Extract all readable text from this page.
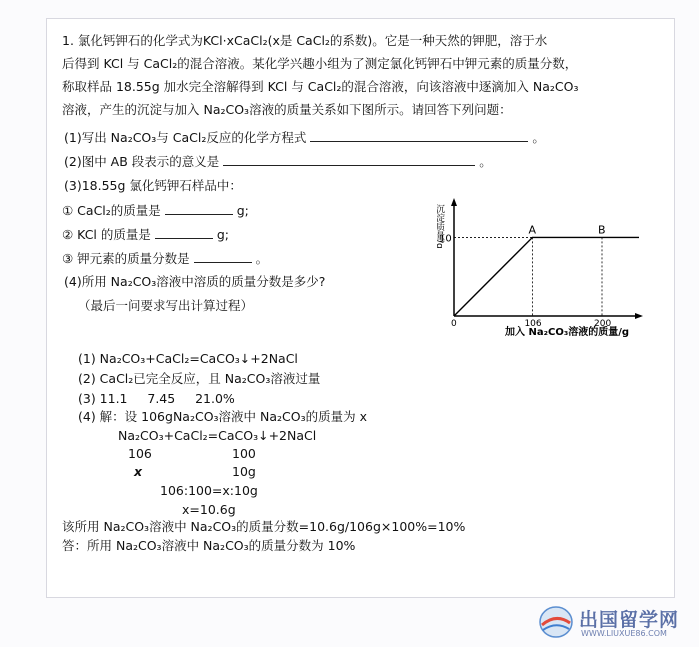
1. 氯化钙钾石的化学式为KCl·xCaCl₂(x是 CaCl₂的系数)。它是一种天然的钾肥，溶于水
后得到 KCl 与 CaCl₂的混合溶液。某化学兴趣小组为了测定氯化钙钾石中钾元素的质量分数，
称取样品 18.55g 加水完全溶解得到 KCl 与 CaCl₂的混合溶液，向该溶液中逐滴加入 Na₂CO₃
溶液，产生的沉淀与加入 Na₂CO₃溶液的质量关系如下图所示。请回答下列问题：
(1)写出 Na₂CO₃与 CaCl₂反应的化学方程式	。
(2)图中 AB 段表示的意义是	。
(3)18.55g 氯化钙钾石样品中：
① CaCl₂的质量是	g;
② KCl 的质量是	g;
③ 钾元素的质量分数是	。
(4)所用 Na₂CO₃溶液中溶质的质量分数是多少?
（最后一问要求写出计算过程）
沉淀质量/g
10
0	106	200
A	B
加入 Na₂CO₃溶液的质量/g
(1) Na₂CO₃+CaCl₂=CaCO₃↓+2NaCl
(2) CaCl₂已完全反应，且 Na₂CO₃溶液过量
(3) 11.1     7.45     21.0%
(4) 解：设 106gNa₂CO₃溶液中 Na₂CO₃的质量为 x
Na₂CO₃+CaCl₂=CaCO₃↓+2NaCl
106	100
x	10g
106:100=x:10g
x=10.6g
该所用 Na₂CO₃溶液中 Na₂CO₃的质量分数=10.6g/106g×100%=10%
答：所用 Na₂CO₃溶液中 Na₂CO₃的质量分数为 10%
出国留学网
WWW.LIUXUE86.COM
